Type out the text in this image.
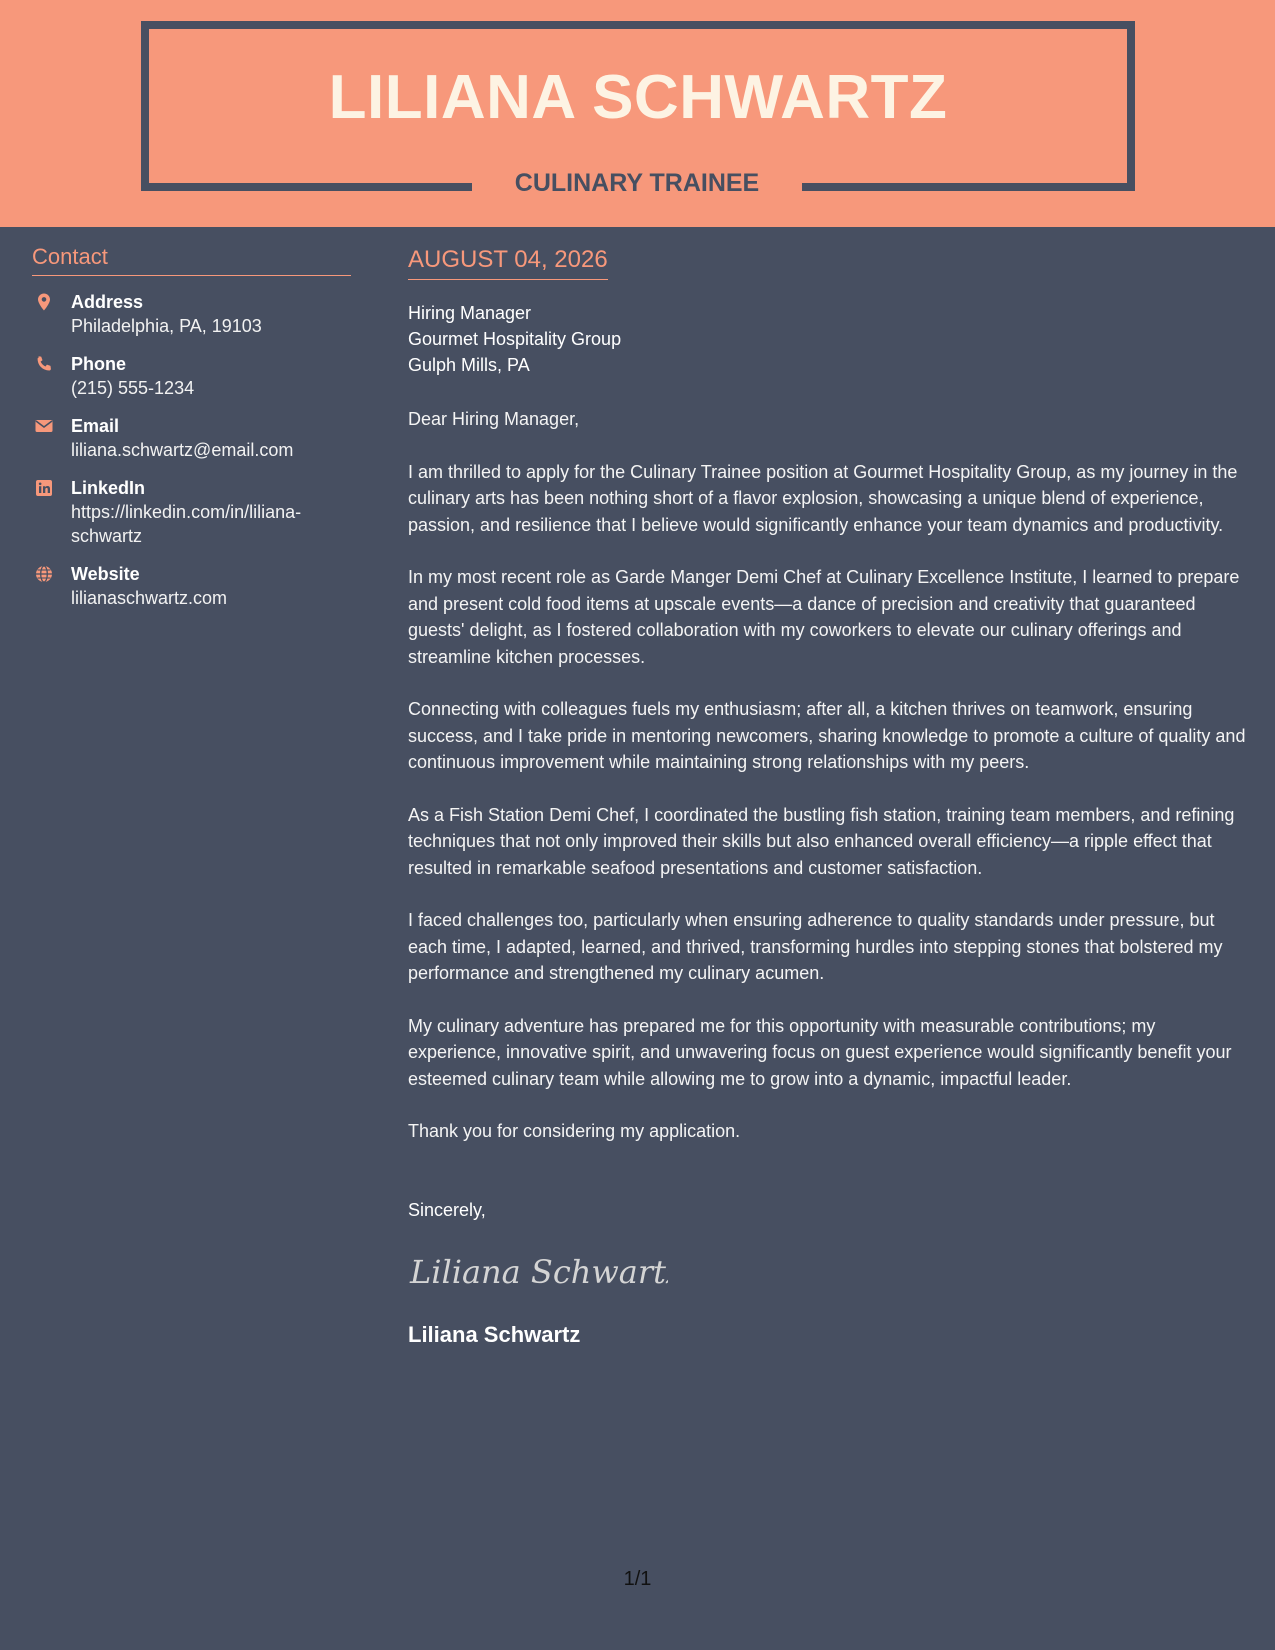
LILIANA SCHWARTZ
CULINARY TRAINEE
Contact
Address
Philadelphia, PA, 19103
Phone
(215) 555-1234
Email
liliana.schwartz@email.com
LinkedIn
https://linkedin.com/in/liliana-schwartz
Website
lilianaschwartz.com
AUGUST 04, 2026
Hiring Manager
Gourmet Hospitality Group
Gulph Mills, PA

Dear Hiring Manager,

I am thrilled to apply for the Culinary Trainee position at Gourmet Hospitality Group, as my journey in the culinary arts has been nothing short of a flavor explosion, showcasing a unique blend of experience, passion, and resilience that I believe would significantly enhance your team dynamics and productivity.

In my most recent role as Garde Manger Demi Chef at Culinary Excellence Institute, I learned to prepare and present cold food items at upscale events—a dance of precision and creativity that guaranteed guests' delight, as I fostered collaboration with my coworkers to elevate our culinary offerings and streamline kitchen processes.

Connecting with colleagues fuels my enthusiasm; after all, a kitchen thrives on teamwork, ensuring success, and I take pride in mentoring newcomers, sharing knowledge to promote a culture of quality and continuous improvement while maintaining strong relationships with my peers.

As a Fish Station Demi Chef, I coordinated the bustling fish station, training team members, and refining techniques that not only improved their skills but also enhanced overall efficiency—a ripple effect that resulted in remarkable seafood presentations and customer satisfaction.

I faced challenges too, particularly when ensuring adherence to quality standards under pressure, but each time, I adapted, learned, and thrived, transforming hurdles into stepping stones that bolstered my performance and strengthened my culinary acumen.

My culinary adventure has prepared me for this opportunity with measurable contributions; my experience, innovative spirit, and unwavering focus on guest experience would significantly benefit your esteemed culinary team while allowing me to grow into a dynamic, impactful leader.

Thank you for considering my application.

Sincerely,
Liliana Schwartz
Liliana Schwartz
1/1
